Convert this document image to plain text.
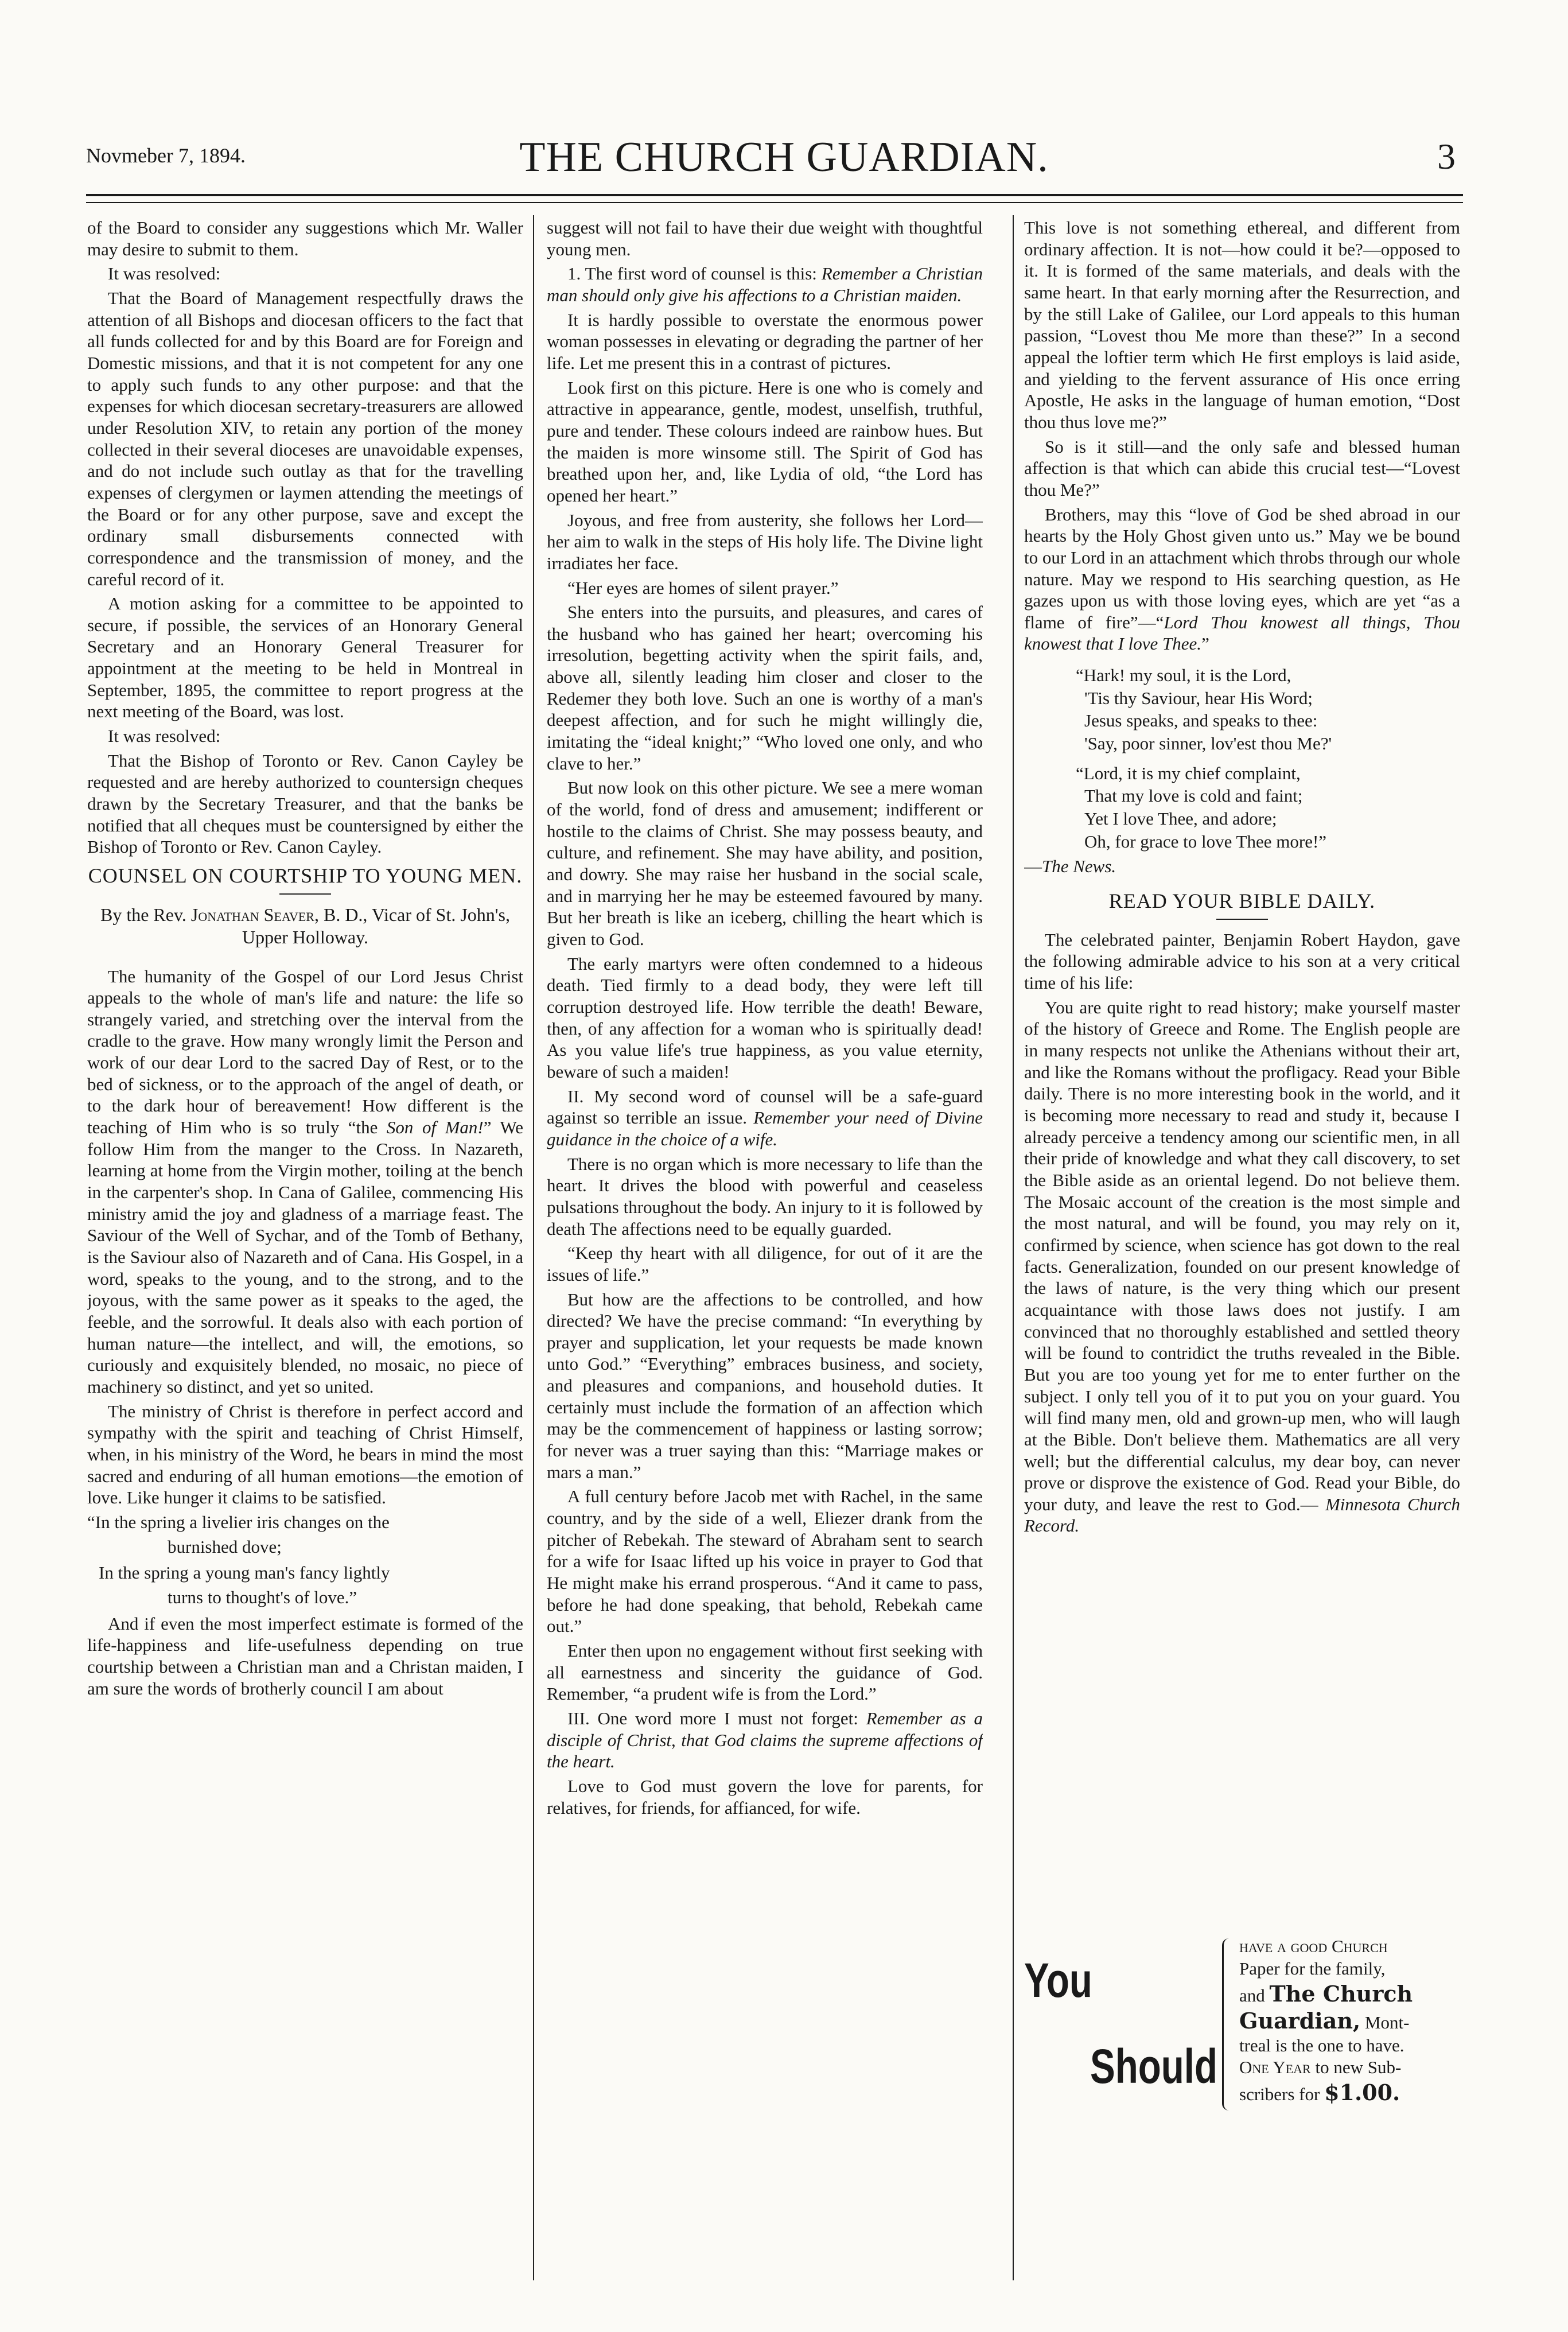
Novmeber 7, 1894.	THE CHURCH GUARDIAN.	3

of the Board to consider any suggestions which Mr. Waller may desire to submit to them.

It was resolved:

That the Board of Management respectfully draws the attention of all Bishops and diocesan officers to the fact that all funds collected for and by this Board are for Foreign and Domestic missions, and that it is not competent for any one to apply such funds to any other purpose: and that the expenses for which diocesan secretary-treasurers are allowed under Resolution XIV, to retain any portion of the money collected in their several dioceses are unavoidable expenses, and do not include such outlay as that for the travelling expenses of clergymen or laymen attending the meetings of the Board or for any other purpose, save and except the ordinary small disbursements connected with correspondence and the transmission of money, and the careful record of it.

A motion asking for a committee to be appointed to secure, if possible, the services of an Honorary General Secretary and an Honorary General Treasurer for appointment at the meeting to be held in Montreal in September, 1895, the committee to report progress at the next meeting of the Board, was lost.

It was resolved:

That the Bishop of Toronto or Rev. Canon Cayley be requested and are hereby authorized to countersign cheques drawn by the Secretary Treasurer, and that the banks be notified that all cheques must be countersigned by either the Bishop of Toronto or Rev. Canon Cayley.

COUNSEL ON COURTSHIP TO YOUNG MEN.

By the Rev. Jonathan Seaver, B. D., Vicar of St. John's, Upper Holloway.

The humanity of the Gospel of our Lord Jesus Christ appeals to the whole of man's life and nature: the life so strangely varied, and stretching over the interval from the cradle to the grave. How many wrongly limit the Person and work of our dear Lord to the sacred Day of Rest, or to the bed of sickness, or to the approach of the angel of death, or to the dark hour of bereavement! How different is the teaching of Him who is so truly “the Son of Man!” We follow Him from the manger to the Cross. In Nazareth, learning at home from the Virgin mother, toiling at the bench in the carpenter's shop. In Cana of Galilee, commencing His ministry amid the joy and gladness of a marriage feast. The Saviour of the Well of Sychar, and of the Tomb of Bethany, is the Saviour also of Nazareth and of Cana. His Gospel, in a word, speaks to the young, and to the strong, and to the joyous, with the same power as it speaks to the aged, the feeble, and the sorrowful. It deals also with each portion of human nature—the intellect, and will, the emotions, so curiously and exquisitely blended, no mosaic, no piece of machinery so distinct, and yet so united.

The ministry of Christ is therefore in perfect accord and sympathy with the spirit and teaching of Christ Himself, when, in his ministry of the Word, he bears in mind the most sacred and enduring of all human emotions—the emotion of love. Like hunger it claims to be satisfied.

“In the spring a livelier iris changes on the

burnished dove;

In the spring a young man's fancy lightly

turns to thought's of love.”

And if even the most imperfect estimate is formed of the life-happiness and life-usefulness depending on true courtship between a Christian man and a Christan maiden, I am sure the words of brotherly council I am about

suggest will not fail to have their due weight with thoughtful young men.

1. The first word of counsel is this: Remember a Christian man should only give his affections to a Christian maiden.

It is hardly possible to overstate the enormous power woman possesses in elevating or degrading the partner of her life. Let me present this in a contrast of pictures.

Look first on this picture. Here is one who is comely and attractive in appearance, gentle, modest, unselfish, truthful, pure and tender. These colours indeed are rainbow hues. But the maiden is more winsome still. The Spirit of God has breathed upon her, and, like Lydia of old, “the Lord has opened her heart.”

Joyous, and free from austerity, she follows her Lord—her aim to walk in the steps of His holy life. The Divine light irradiates her face.

“Her eyes are homes of silent prayer.”

She enters into the pursuits, and pleasures, and cares of the husband who has gained her heart; overcoming his irresolution, begetting activity when the spirit fails, and, above all, silently leading him closer and closer to the Redemer they both love. Such an one is worthy of a man's deepest affection, and for such he might willingly die, imitating the “ideal knight;” “Who loved one only, and who clave to her.”

But now look on this other picture. We see a mere woman of the world, fond of dress and amusement; indifferent or hostile to the claims of Christ. She may possess beauty, and culture, and refinement. She may have ability, and position, and dowry. She may raise her husband in the social scale, and in marrying her he may be esteemed favoured by many. But her breath is like an iceberg, chilling the heart which is given to God.

The early martyrs were often condemned to a hideous death. Tied firmly to a dead body, they were left till corruption destroyed life. How terrible the death! Beware, then, of any affection for a woman who is spiritually dead! As you value life's true happiness, as you value eternity, beware of such a maiden!

II. My second word of counsel will be a safe-guard against so terrible an issue. Remember your need of Divine guidance in the choice of a wife.

There is no organ which is more necessary to life than the heart. It drives the blood with powerful and ceaseless pulsations throughout the body. An injury to it is followed by death The affections need to be equally guarded.

“Keep thy heart with all diligence, for out of it are the issues of life.”

But how are the affections to be controlled, and how directed? We have the precise command: “In everything by prayer and supplication, let your requests be made known unto God.” “Everything” embraces business, and society, and pleasures and companions, and household duties. It certainly must include the formation of an affection which may be the commencement of happiness or lasting sorrow; for never was a truer saying than this: “Marriage makes or mars a man.”

A full century before Jacob met with Rachel, in the same country, and by the side of a well, Eliezer drank from the pitcher of Rebekah. The steward of Abraham sent to search for a wife for Isaac lifted up his voice in prayer to God that He might make his errand prosperous. “And it came to pass, before he had done speaking, that behold, Rebekah came out.”

Enter then upon no engagement without first seeking with all earnestness and sincerity the guidance of God. Remember, “a prudent wife is from the Lord.”

III. One word more I must not forget: Remember as a disciple of Christ, that God claims the supreme affections of the heart.

Love to God must govern the love for parents, for relatives, for friends, for affianced, for wife.

This love is not something ethereal, and different from ordinary affection. It is not—how could it be?—opposed to it. It is formed of the same materials, and deals with the same heart. In that early morning after the Resurrection, and by the still Lake of Galilee, our Lord appeals to this human passion, “Lovest thou Me more than these?” In a second appeal the loftier term which He first employs is laid aside, and yielding to the fervent assurance of His once erring Apostle, He asks in the language of human emotion, “Dost thou thus love me?”

So is it still—and the only safe and blessed human affection is that which can abide this crucial test—“Lovest thou Me?”

Brothers, may this “love of God be shed abroad in our hearts by the Holy Ghost given unto us.” May we be bound to our Lord in an attachment which throbs through our whole nature. May we respond to His searching question, as He gazes upon us with those loving eyes, which are yet “as a flame of fire”—“Lord Thou knowest all things, Thou knowest that I love Thee.”

“Hark! my soul, it is the Lord,

'Tis thy Saviour, hear His Word;

Jesus speaks, and speaks to thee:

'Say, poor sinner, lov'est thou Me?'

“Lord, it is my chief complaint,

That my love is cold and faint;

Yet I love Thee, and adore;

Oh, for grace to love Thee more!”

—The News.

READ YOUR BIBLE DAILY.

The celebrated painter, Benjamin Robert Haydon, gave the following admirable advice to his son at a very critical time of his life:

You are quite right to read history; make yourself master of the history of Greece and Rome. The English people are in many respects not unlike the Athenians without their art, and like the Romans without the profligacy. Read your Bible daily. There is no more interesting book in the world, and it is becoming more necessary to read and study it, because I already perceive a tendency among our scientific men, in all their pride of knowledge and what they call discovery, to set the Bible aside as an oriental legend. Do not believe them. The Mosaic account of the creation is the most simple and the most natural, and will be found, you may rely on it, confirmed by science, when science has got down to the real facts. Generalization, founded on our present knowledge of the laws of nature, is the very thing which our present acquaintance with those laws does not justify. I am convinced that no thoroughly established and settled theory will be found to contridict the truths revealed in the Bible. But you are too young yet for me to enter further on the subject. I only tell you of it to put you on your guard. You will find many men, old and grown-up men, who will laugh at the Bible. Don't believe them. Mathematics are all very well; but the differential calculus, my dear boy, can never prove or disprove the existence of God. Read your Bible, do your duty, and leave the rest to God.— Minnesota Church Record.

You
Should
have a good Church
Paper for the family,
and The Church
Guardian, Mont-
treal is the one to have.
One Year to new Sub-
scribers for $1.00.
